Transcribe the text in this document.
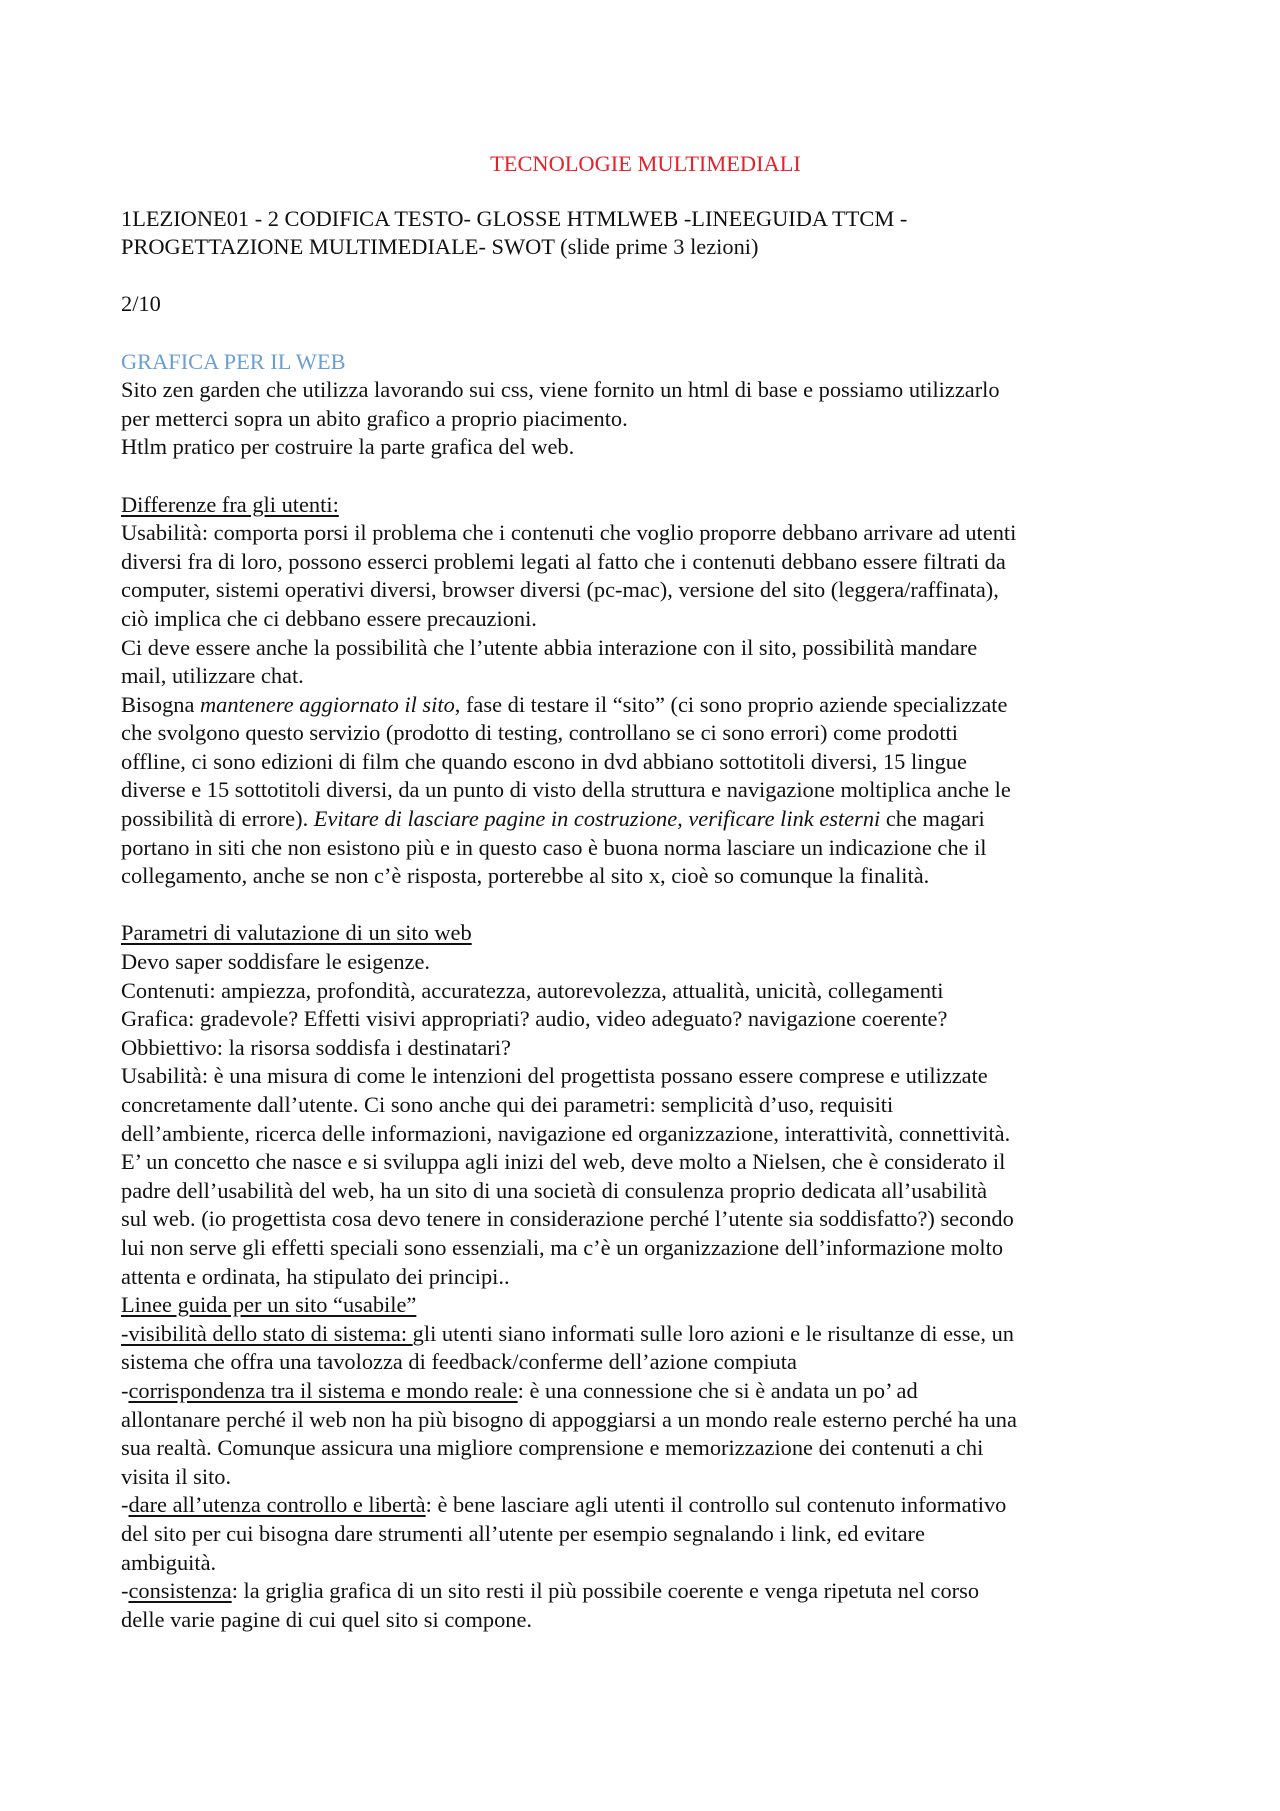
TECNOLOGIE MULTIMEDIALI

1LEZIONE01 - 2 CODIFICA TESTO- GLOSSE HTMLWEB -LINEEGUIDA TTCM -
PROGETTAZIONE MULTIMEDIALE- SWOT (slide prime 3 lezioni)

2/10

GRAFICA PER IL WEB

Sito zen garden che utilizza lavorando sui css, viene fornito un html di base e possiamo utilizzarlo
per metterci sopra un abito grafico a proprio piacimento.
Htlm pratico per costruire la parte grafica del web.

Differenze fra gli utenti:
Usabilità: comporta porsi il problema che i contenuti che voglio proporre debbano arrivare ad utenti
diversi fra di loro, possono esserci problemi legati al fatto che i contenuti debbano essere filtrati da
computer, sistemi operativi diversi, browser diversi (pc-mac), versione del sito (leggera/raffinata),
ciò implica che ci debbano essere precauzioni.
Ci deve essere anche la possibilità che l’utente abbia interazione con il sito, possibilità mandare
mail, utilizzare chat.
Bisogna mantenere aggiornato il sito, fase di testare il “sito” (ci sono proprio aziende specializzate
che svolgono questo servizio (prodotto di testing, controllano se ci sono errori) come prodotti
offline, ci sono edizioni di film che quando escono in dvd abbiano sottotitoli diversi, 15 lingue
diverse e 15 sottotitoli diversi, da un punto di visto della struttura e navigazione moltiplica anche le
possibilità di errore). Evitare di lasciare pagine in costruzione, verificare link esterni che magari
portano in siti che non esistono più e in questo caso è buona norma lasciare un indicazione che il
collegamento, anche se non c’è risposta, porterebbe al sito x, cioè so comunque la finalità.

Parametri di valutazione di un sito web
Devo saper soddisfare le esigenze.
Contenuti: ampiezza, profondità, accuratezza, autorevolezza, attualità, unicità, collegamenti
Grafica: gradevole? Effetti visivi appropriati? audio, video adeguato? navigazione coerente?
Obbiettivo: la risorsa soddisfa i destinatari?
Usabilità: è una misura di come le intenzioni del progettista possano essere comprese e utilizzate
concretamente dall’utente. Ci sono anche qui dei parametri: semplicità d’uso, requisiti
dell’ambiente, ricerca delle informazioni, navigazione ed organizzazione, interattività, connettività.
E’ un concetto che nasce e si sviluppa agli inizi del web, deve molto a Nielsen, che è considerato il
padre dell’usabilità del web, ha un sito di una società di consulenza proprio dedicata all’usabilità
sul web. (io progettista cosa devo tenere in considerazione perché l’utente sia soddisfatto?) secondo
lui non serve gli effetti speciali sono essenziali, ma c’è un organizzazione dell’informazione molto
attenta e ordinata, ha stipulato dei principi..

Linee guida per un sito “usabile”
-visibilità dello stato di sistema: gli utenti siano informati sulle loro azioni e le risultanze di esse, un
sistema che offra una tavolozza di feedback/conferme dell’azione compiuta
-corrispondenza tra il sistema e mondo reale: è una connessione che si è andata un po’ ad
allontanare perché il web non ha più bisogno di appoggiarsi a un mondo reale esterno perché ha una
sua realtà. Comunque assicura una migliore comprensione e memorizzazione dei contenuti a chi
visita il sito.
-dare all’utenza controllo e libertà: è bene lasciare agli utenti il controllo sul contenuto informativo
del sito per cui bisogna dare strumenti all’utente per esempio segnalando i link, ed evitare
ambiguità.
-consistenza: la griglia grafica di un sito resti il più possibile coerente e venga ripetuta nel corso
delle varie pagine di cui quel sito si compone.
